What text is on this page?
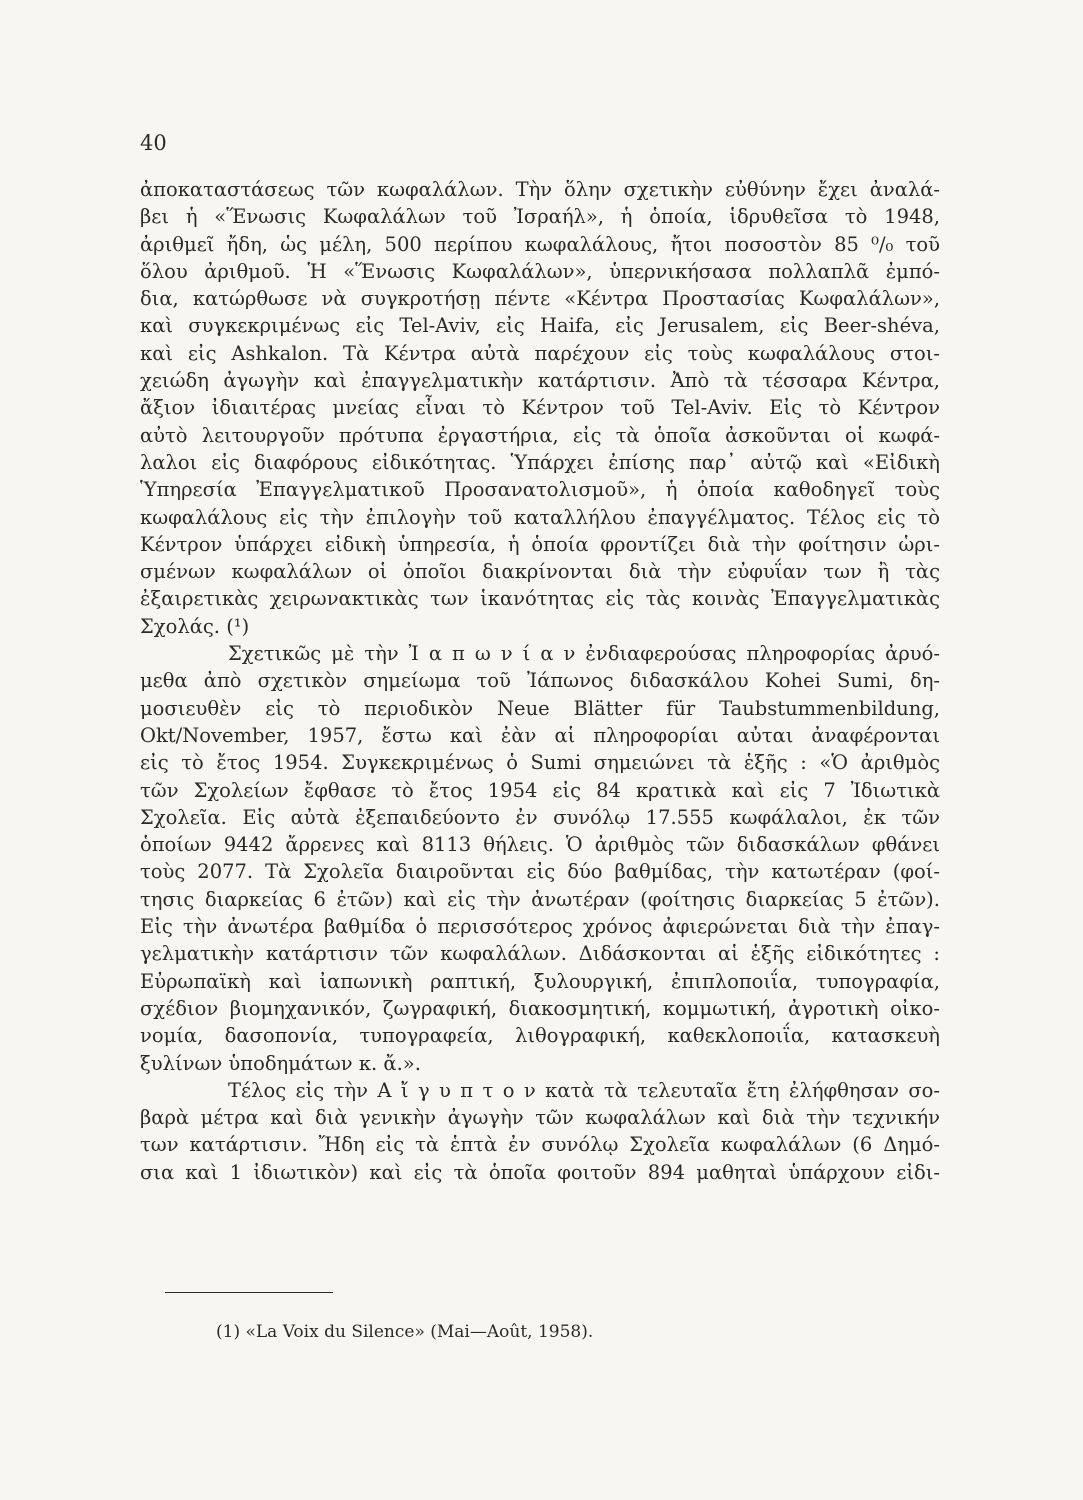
40
ἀποκαταστάσεως τῶν κωφαλάλων. Τὴν ὅλην σχετικὴν εὐθύνην ἔχει ἀναλά-
βει ἡ «Ἕνωσις Κωφαλάλων τοῦ Ἰσραήλ», ἡ ὁποία, ἱδρυθεῖσα τὸ 1948,
ἀριθμεῖ ἤδη, ὡς μέλη, 500 περίπου κωφαλάλους, ἤτοι ποσοστὸν 85 ⁰/₀ τοῦ
ὅλου ἀριθμοῦ. Ἡ «Ἕνωσις Κωφαλάλων», ὑπερνικήσασα πολλαπλᾶ ἐμπό-
δια, κατώρθωσε νὰ συγκροτήσῃ πέντε «Κέντρα Προστασίας Κωφαλάλων»,
καὶ συγκεκριμένως εἰς Tel-Aviv, εἰς Haifa, εἰς Jerusalem, εἰς Beer-shéva,
καὶ εἰς Ashkalon. Τὰ Κέντρα αὐτὰ παρέχουν εἰς τοὺς κωφαλάλους στοι-
χειώδη ἀγωγὴν καὶ ἐπαγγελματικὴν κατάρτισιν. Ἀπὸ τὰ τέσσαρα Κέντρα,
ἄξιον ἰδιαιτέρας μνείας εἶναι τὸ Κέντρον τοῦ Tel-Aviv. Εἰς τὸ Κέντρον
αὐτὸ λειτουργοῦν πρότυπα ἐργαστήρια, εἰς τὰ ὁποῖα ἀσκοῦνται οἱ κωφά-
λαλοι εἰς διαφόρους εἰδικότητας. Ὑπάρχει ἐπίσης παρ᾽ αὐτῷ καὶ «Εἰδικὴ
Ὑπηρεσία Ἐπαγγελματικοῦ Προσανατολισμοῦ», ἡ ὁποία καθοδηγεῖ τοὺς
κωφαλάλους εἰς τὴν ἐπιλογὴν τοῦ καταλλήλου ἐπαγγέλματος. Τέλος εἰς τὸ
Κέντρον ὑπάρχει εἰδικὴ ὑπηρεσία, ἡ ὁποία φροντίζει διὰ τὴν φοίτησιν ὡρι-
σμένων κωφαλάλων οἱ ὁποῖοι διακρίνονται διὰ τὴν εὐφυΐαν των ἢ τὰς
ἐξαιρετικὰς χειρωνακτικὰς των ἱκανότητας εἰς τὰς κοινὰς Ἐπαγγελματικὰς
Σχολάς. (¹)
Σχετικῶς μὲ τὴν Ἰ α π ω ν ί α ν ἐνδιαφερούσας πληροφορίας ἀρυό-
μεθα ἀπὸ σχετικὸν σημείωμα τοῦ Ἰάπωνος διδασκάλου Kohei Sumi, δη-
μοσιευθὲν εἰς τὸ περιοδικὸν Neue Blätter für Taubstummenbildung,
Okt/November, 1957, ἔστω καὶ ἐὰν αἱ πληροφορίαι αὐται ἀναφέρονται
εἰς τὸ ἔτος 1954. Συγκεκριμένως ὁ Sumi σημειώνει τὰ ἑξῆς : «Ὁ ἀριθμὸς
τῶν Σχολείων ἔφθασε τὸ ἔτος 1954 εἰς 84 κρατικὰ καὶ εἰς 7 Ἰδιωτικὰ
Σχολεῖα. Εἰς αὐτὰ ἐξεπαιδεύοντο ἐν συνόλῳ 17.555 κωφάλαλοι, ἐκ τῶν
ὁποίων 9442 ἄρρενες καὶ 8113 θήλεις. Ὁ ἀριθμὸς τῶν διδασκάλων φθάνει
τοὺς 2077. Τὰ Σχολεῖα διαιροῦνται εἰς δύο βαθμίδας, τὴν κατωτέραν (φοί-
τησις διαρκείας 6 ἐτῶν) καὶ εἰς τὴν ἀνωτέραν (φοίτησις διαρκείας 5 ἐτῶν).
Εἰς τὴν ἀνωτέρα βαθμίδα ὁ περισσότερος χρόνος ἀφιερώνεται διὰ τὴν ἐπαγ-
γελματικὴν κατάρτισιν τῶν κωφαλάλων. Διδάσκονται αἱ ἑξῆς εἰδικότητες :
Εὐρωπαϊκὴ καὶ ἰαπωνικὴ ραπτική, ξυλουργική, ἐπιπλοποιΐα, τυπογραφία,
σχέδιον βιομηχανικόν, ζωγραφική, διακοσμητική, κομμωτική, ἀγροτικὴ οἰκο-
νομία, δασοπονία, τυπογραφεία, λιθογραφική, καθεκλοποιΐα, κατασκευὴ
ξυλίνων ὑποδημάτων κ. ἄ.».
Τέλος εἰς τὴν Α ἴ γ υ π τ ο ν κατὰ τὰ τελευταῖα ἔτη ἐλήφθησαν σο-
βαρὰ μέτρα καὶ διὰ γενικὴν ἀγωγὴν τῶν κωφαλάλων καὶ διὰ τὴν τεχνικήν
των κατάρτισιν. Ἤδη εἰς τὰ ἑπτὰ ἐν συνόλῳ Σχολεῖα κωφαλάλων (6 Δημό-
σια καὶ 1 ἰδιωτικὸν) καὶ εἰς τὰ ὁποῖα φοιτοῦν 894 μαθηταὶ ὑπάρχουν εἰδι-
(1) «La Voix du Silence» (Mai—Août, 1958).
